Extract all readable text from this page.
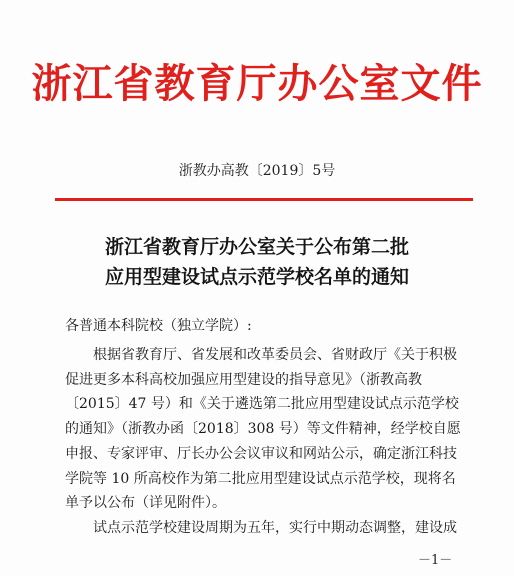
浙江省教育厅办公室文件
浙教办高教〔2019〕5号
浙江省教育厅办公室关于公布第二批
应用型建设试点示范学校名单的通知
各普通本科院校（独立学院）:
根据省教育厅、省发展和改革委员会、省财政厅《关于积极
促进更多本科高校加强应用型建设的指导意见》（浙教高教
〔2015〕47 号）和《关于遴选第二批应用型建设试点示范学校
的通知》（浙教办函〔2018〕308 号）等文件精神，经学校自愿
申报、专家评审、厅长办公会议审议和网站公示，确定浙江科技
学院等 10 所高校作为第二批应用型建设试点示范学校，现将名
单予以公布（详见附件）。
试点示范学校建设周期为五年，实行中期动态调整，建设成
－1－
